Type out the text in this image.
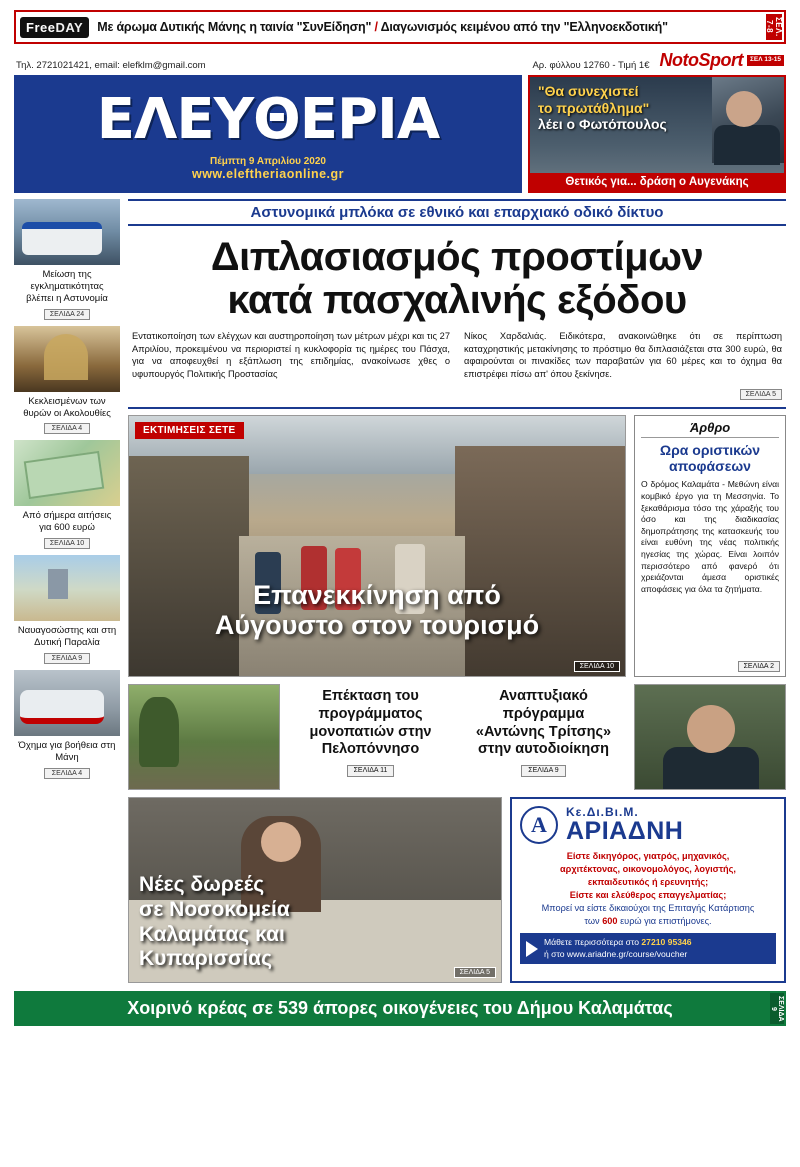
FreeDAY	Με άρωμα Δυτικής Μάνης η ταινία "ΣυνΕίδηση" / Διαγωνισμός κειμένου από την "Ελληνοεκδοτική"	ΣΕΛ. 7-8
Τηλ. 2721021421, email: elefklm@gmail.com	Αρ. φύλλου 12760 - Τιμή 1€ NotoSport	ΣΕΛ 13-15
ΕΛΕΥΘΕΡΙΑ
Πέμπτη 9 Απριλίου 2020
www.eleftheriaonline.gr
"Θα συνεχιστεί
το πρωτάθλημα"
λέει ο Φωτόπουλος
Θετικός για... δράση ο Αυγενάκης
Μείωση της εγκληματικότητας βλέπει η Αστυνομία
ΣΕΛΙΔΑ 24
Κεκλεισμένων των θυρών οι Ακολουθίες
ΣΕΛΙΔΑ 4
Από σήμερα αιτήσεις για 600 ευρώ
ΣΕΛΙΔΑ 10
Ναυαγοσώστης και στη Δυτική Παραλία
ΣΕΛΙΔΑ 9
Όχημα για βοήθεια στη Μάνη
ΣΕΛΙΔΑ 4
Αστυνομικά μπλόκα σε εθνικό και επαρχιακό οδικό δίκτυο
Διπλασιασμός προστίμων
κατά πασχαλινής εξόδου

Εντατικοποίηση των ελέγχων και αυστηροποίηση των μέτρων μέχρι και τις 27 Απριλίου, προκειμένου να περιοριστεί η κυκλοφορία τις ημέρες του Πάσχα, για να αποφευχθεί η εξάπλωση της επιδημίας, ανακοίνωσε χθες ο υφυπουργός Πολιτικής Προστασίας

Νίκος Χαρδαλιάς. Ειδικότερα, ανακοινώθηκε ότι σε περίπτωση καταχρηστικής μετακίνησης το πρόστιμο θα διπλασιάζεται στα 300 ευρώ, θα αφαιρούνται οι πινακίδες των παραβατών για 60 μέρες και το όχημα θα επιστρέφει πίσω απ' όπου ξεκίνησε.

ΣΕΛΙΔΑ 5
ΕΚΤΙΜΗΣΕΙΣ ΣΕΤΕ
Επανεκκίνηση από
Αύγουστο στον τουρισμό
ΣΕΛΙΔΑ 10
Άρθρο
Ωρα οριστικών
αποφάσεων

Ο δρόμος Καλαμάτα - Μεθώνη είναι κομβικό έργο για τη Μεσσηνία. Το ξεκαθάρισμα τόσο της χάραξής του όσο και της διαδικασίας δημοπράτησης της κατασκευής του είναι ευθύνη της νέας πολιτικής ηγεσίας της χώρας. Είναι λοιπόν περισσότερο από φανερό ότι χρειάζονται άμεσα οριστικές αποφάσεις για όλα τα ζητήματα.

ΣΕΛΙΔΑ 2
Επέκταση του
προγράμματος
μονοπατιών στην
Πελοπόννησο
ΣΕΛΙΔΑ 11
Αναπτυξιακό
πρόγραμμα
«Αντώνης Τρίτσης»
στην αυτοδιοίκηση
ΣΕΛΙΔΑ 9
Νέες δωρεές
σε Νοσοκομεία
Καλαμάτας και
Κυπαρισσίας
ΣΕΛΙΔΑ 5
A Κε.Δι.Βι.Μ.
ΑΡΙΑΔΝΗ
Είστε δικηγόρος, γιατρός, μηχανικός,
αρχιτέκτονας, οικονομολόγος, λογιστής,
εκπαιδευτικός ή ερευνητής;
Είστε και ελεύθερος επαγγελματίας;
Μπορεί να είστε δικαιούχοι της Επιταγής Κατάρτισης
των 600 ευρώ για επιστήμονες.
Μάθετε περισσότερα στο 27210 95346
ή στο www.ariadne.gr/course/voucher
Χοιρινό κρέας σε 539 άπορες οικογένειες του Δήμου Καλαμάτας	ΣΕΛΙΔΑ 9
